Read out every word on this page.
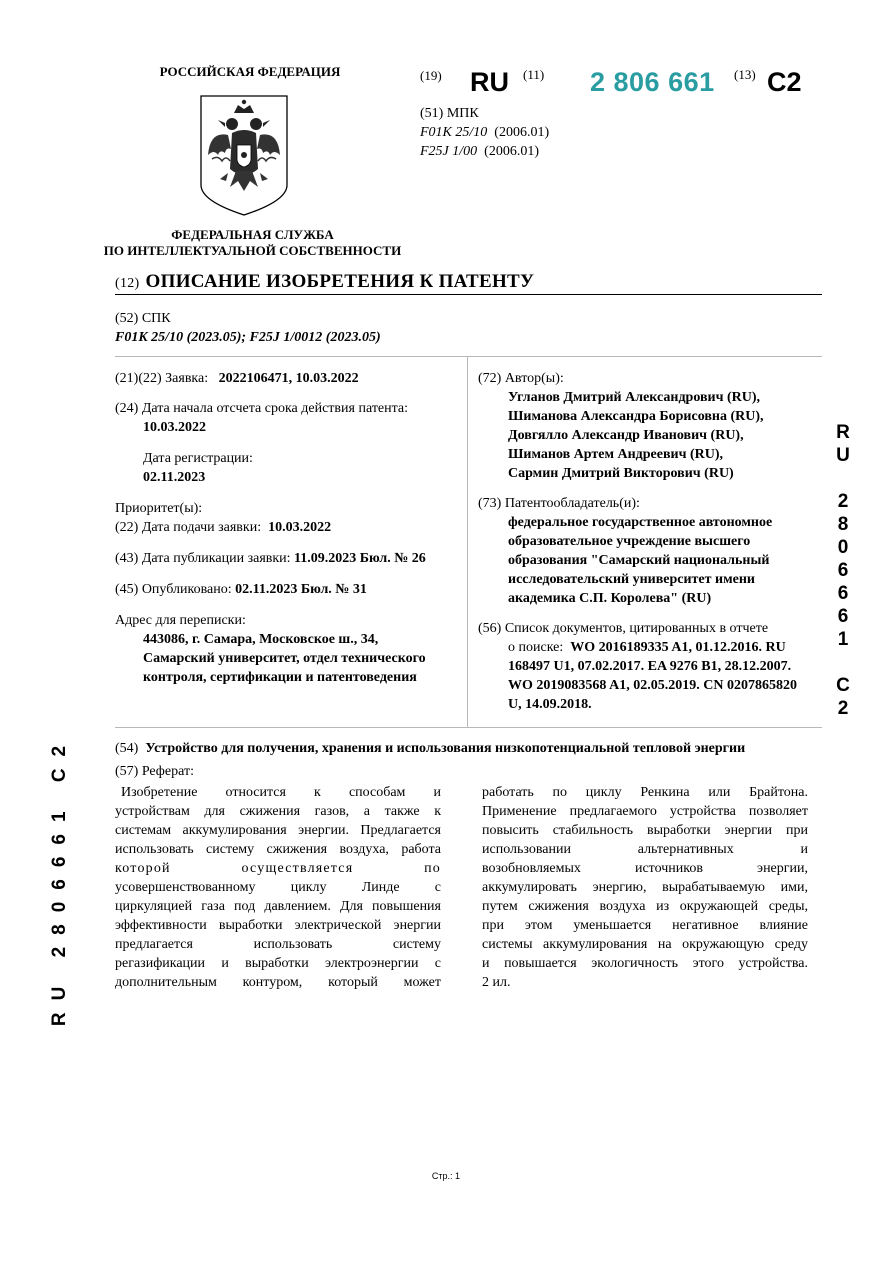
РОССИЙСКАЯ ФЕДЕРАЦИЯ
ФЕДЕРАЛЬНАЯ СЛУЖБА
ПО ИНТЕЛЛЕКТУАЛЬНОЙ СОБСТВЕННОСТИ
(19) RU (11) 2 806 661 (13) C2
(51) МПК
F01K 25/10 (2006.01)
F25J 1/00 (2006.01)
(12) ОПИСАНИЕ ИЗОБРЕТЕНИЯ К ПАТЕНТУ
(52) СПК
F01K 25/10 (2023.05); F25J 1/0012 (2023.05)
(21)(22) Заявка: 2022106471, 10.03.2022
(24) Дата начала отсчета срока действия патента:
10.03.2022
Дата регистрации:
02.11.2023
Приоритет(ы):
(22) Дата подачи заявки: 10.03.2022
(43) Дата публикации заявки: 11.09.2023 Бюл. № 26
(45) Опубликовано: 02.11.2023 Бюл. № 31
Адрес для переписки:
443086, г. Самара, Московское ш., 34,
Самарский университет, отдел технического
контроля, сертификации и патентоведения
(72) Автор(ы):
Угланов Дмитрий Александрович (RU),
Шиманова Александра Борисовна (RU),
Довгялло Александр Иванович (RU),
Шиманов Артем Андреевич (RU),
Сармин Дмитрий Викторович (RU)
(73) Патентообладатель(и):
федеральное государственное автономное
образовательное учреждение высшего
образования "Самарский национальный
исследовательский университет имени
академика С.П. Королева" (RU)
(56) Список документов, цитированных в отчете
о поиске: WO 2016189335 A1, 01.12.2016. RU
168497 U1, 07.02.2017. EA 9276 B1, 28.12.2007.
WO 2019083568 A1, 02.05.2019. CN 0207865820
U, 14.09.2018.
(54) Устройство для получения, хранения и использования низкопотенциальной тепловой энергии
(57) Реферат:
Изобретение относится к способам и
устройствам для сжижения газов, а также к
системам аккумулирования энергии. Предлагается
использовать систему сжижения воздуха, работа
которой осуществляется по
усовершенствованному циклу Линде с
циркуляцией газа под давлением. Для повышения
эффективности выработки электрической энергии
предлагается использовать систему
регазификации и выработки электроэнергии с
дополнительным контуром, который может
работать по циклу Ренкина или Брайтона.
Применение предлагаемого устройства позволяет
повысить стабильность выработки энергии при
использовании альтернативных и
возобновляемых источников энергии,
аккумулировать энергию, вырабатываемую ими,
путем сжижения воздуха из окружающей среды,
при этом уменьшается негативное влияние
системы аккумулирования на окружающую среду
и повышается экологичность этого устройства.
2 ил.
R
U
2
8
0
6
6
6
1
C
2
RU 2806661 C2
Стр.: 1
